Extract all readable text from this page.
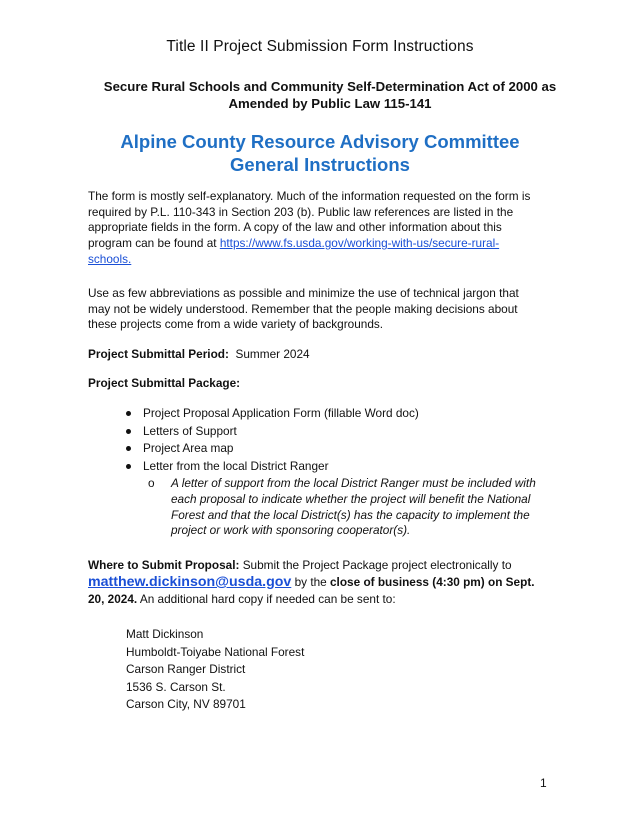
Title II Project Submission Form Instructions
Secure Rural Schools and Community Self-Determination Act of 2000 as
Amended by Public Law 115-141
Alpine County Resource Advisory Committee
General Instructions
The form is mostly self-explanatory. Much of the information requested on the form is required by P.L. 110-343 in Section 203 (b). Public law references are listed in the appropriate fields in the form. A copy of the law and other information about this program can be found at https://www.fs.usda.gov/working-with-us/secure-rural-schools.
Use as few abbreviations as possible and minimize the use of technical jargon that may not be widely understood. Remember that the people making decisions about these projects come from a wide variety of backgrounds.
Project Submittal Period: Summer 2024
Project Submittal Package:
Project Proposal Application Form (fillable Word doc)
Letters of Support
Project Area map
Letter from the local District Ranger
o A letter of support from the local District Ranger must be included with each proposal to indicate whether the project will benefit the National Forest and that the local District(s) has the capacity to implement the project or work with sponsoring cooperator(s).
Where to Submit Proposal: Submit the Project Package project electronically to
matthew.dickinson@usda.gov by the close of business (4:30 pm) on Sept. 20, 2024. An additional hard copy if needed can be sent to:
Matt Dickinson
Humboldt-Toiyabe National Forest
Carson Ranger District
1536 S. Carson St.
Carson City, NV 89701
1
